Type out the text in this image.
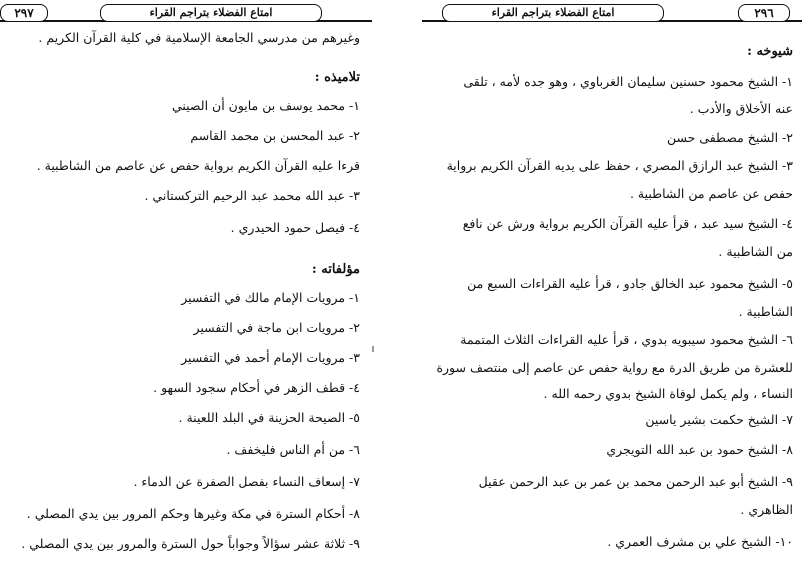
٢٩٧	امتاع الفضلاء بتراجم القراء
وغيرهم من مدرسي الجامعة الإسلامية في كلية القرآن الكريم .
تلاميذه :
١- محمد يوسف بن مايون أن الصيني
٢- عبد المحسن بن محمد القاسم
قرءا عليه القرآن الكريم برواية حفص عن عاصم من الشاطبية .
٣- عبد الله محمد عبد الرحيم التركستاني .
٤- فيصل حمود الحيدري .
مؤلفاته :
١- مرويات الإمام مالك في التفسير
٢- مرويات ابن ماجة في التفسير
٣- مرويات الإمام أحمد في التفسير
٤- قطف الزهر في أحكام سجود السهو .
٥- الصيحة الحزينة في البلد اللعينة .
٦- من أم الناس فليخفف .
٧- إسعاف النساء بفصل الصفرة عن الدماء .
٨- أحكام السترة في مكة وغيرها وحكم المرور بين يدي المصلي .
٩- ثلاثة عشر سؤالاً وجواباً حول السترة والمرور بين يدي المصلي .
امتاع الفضلاء بتراجم القراء	٢٩٦
شيوخه :
١- الشيخ محمود حسنين سليمان الغرباوي ، وهو جده لأمه ، تلقى
عنه الأخلاق والأدب .
٢- الشيخ مصطفى حسن
٣- الشيخ عبد الرازق المصري ، حفظ على يديه القرآن الكريم برواية
حفص عن عاصم من الشاطبية .
٤- الشيخ سيد عبد ، قرأ عليه القرآن الكريم برواية ورش عن نافع
من الشاطبية .
٥- الشيخ محمود عبد الخالق جادو ، قرأ عليه القراءات السبع من
الشاطبية .
٦- الشيخ محمود سيبويه بدوي ، قرأ عليه القراءات الثلاث المتممة
للعشرة من طريق الدرة مع رواية حفص عن عاصم إلى منتصف سورة
النساء ، ولم يكمل لوفاة الشيخ بدوي رحمه الله .
٧- الشيخ حكمت بشير ياسين
٨- الشيخ حمود بن عبد الله التويجري
٩- الشيخ أبو عبد الرحمن محمد بن عمر بن عبد الرحمن عقيل
الظاهري .
١٠- الشيخ علي بن مشرف العمري .
